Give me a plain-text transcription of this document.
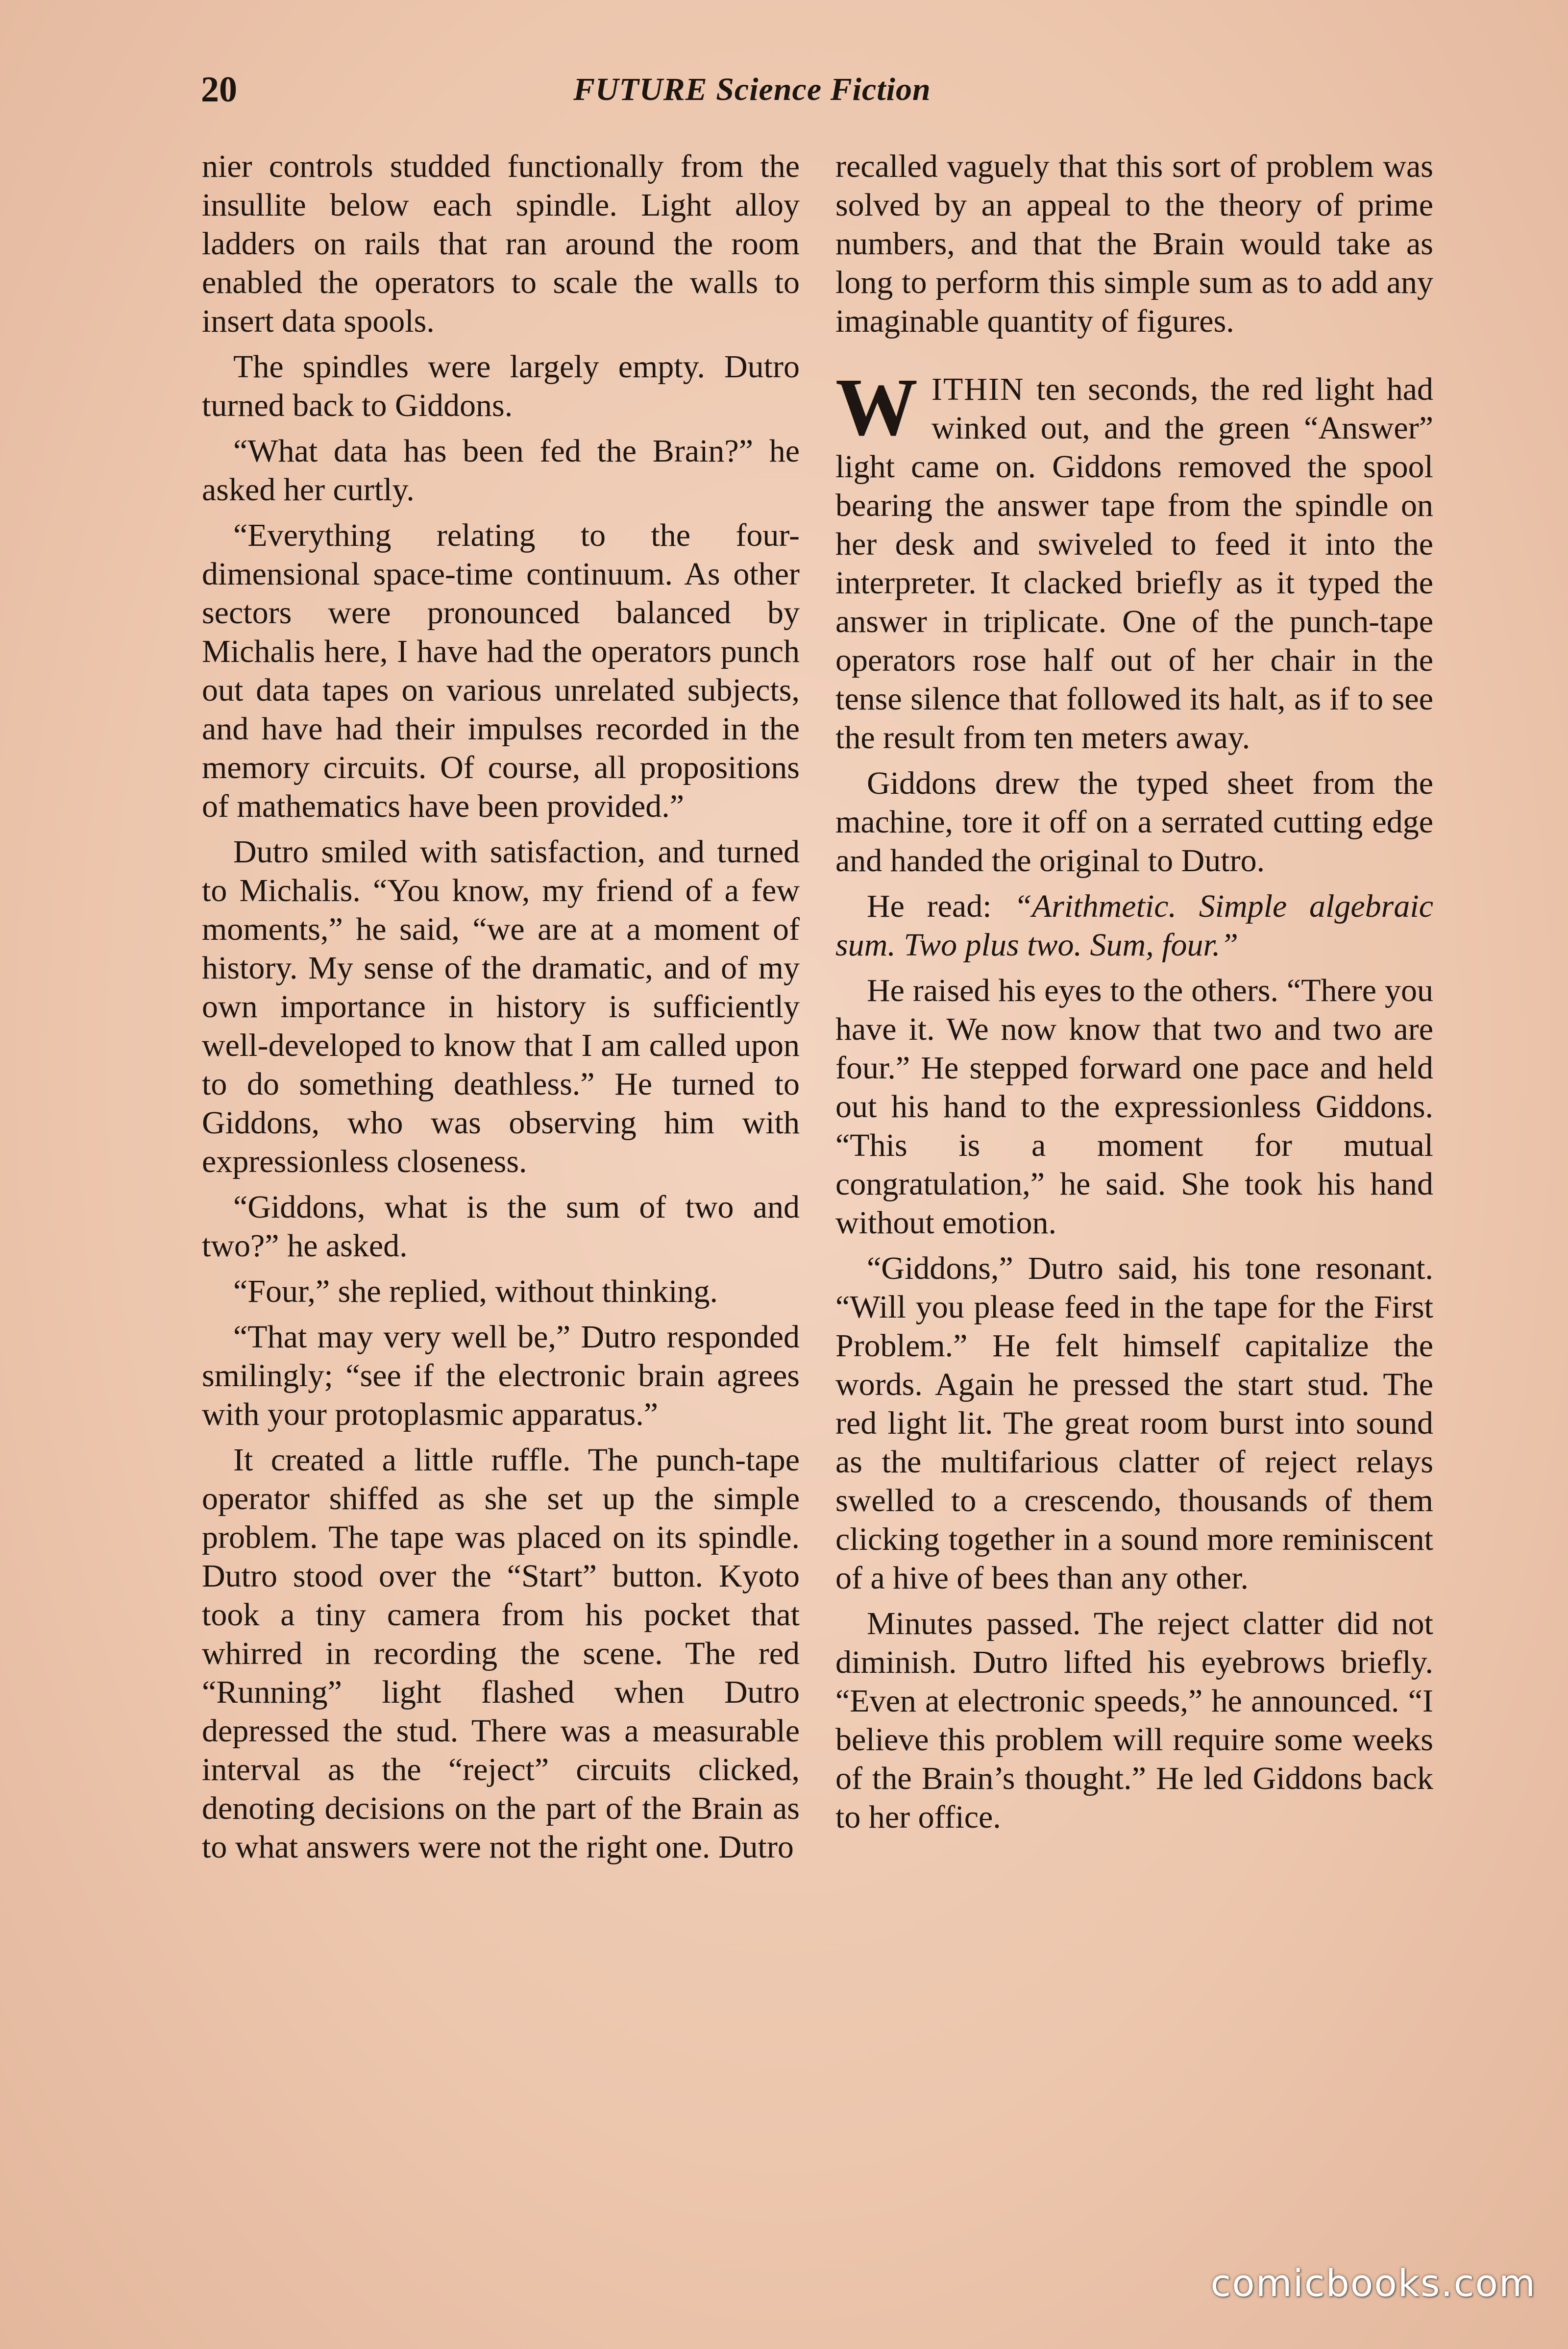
20	FUTURE Science Fiction

nier controls studded functionally from the insullite below each spindle. Light alloy ladders on rails that ran around the room enabled the operators to scale the walls to insert data spools.

The spindles were largely empty. Dutro turned back to Giddons.

“What data has been fed the Brain?” he asked her curtly.

“Everything relating to the four-dimensional space-time continuum. As other sectors were pronounced balanced by Michalis here, I have had the operators punch out data tapes on various unrelated subjects, and have had their impulses recorded in the memory circuits. Of course, all propositions of mathematics have been provided.”

Dutro smiled with satisfaction, and turned to Michalis. “You know, my friend of a few moments,” he said, “we are at a moment of history. My sense of the dramatic, and of my own importance in history is sufficiently well-developed to know that I am called upon to do something deathless.” He turned to Giddons, who was observing him with expressionless closeness.

“Giddons, what is the sum of two and two?” he asked.

“Four,” she replied, without thinking.

“That may very well be,” Dutro responded smilingly; “see if the electronic brain agrees with your protoplasmic apparatus.”

It created a little ruffle. The punch-tape operator shiffed as she set up the simple problem. The tape was placed on its spindle. Dutro stood over the “Start” button. Kyoto took a tiny camera from his pocket that whirred in recording the scene. The red “Running” light flashed when Dutro depressed the stud. There was a measurable interval as the “reject” circuits clicked, denoting decisions on the part of the Brain as to what answers were not the right one. Dutro

recalled vaguely that this sort of problem was solved by an appeal to the theory of prime numbers, and that the Brain would take as long to perform this simple sum as to add any imaginable quantity of figures.

WITHIN ten seconds, the red light had winked out, and the green “Answer” light came on. Giddons removed the spool bearing the answer tape from the spindle on her desk and swiveled to feed it into the interpreter. It clacked briefly as it typed the answer in triplicate. One of the punch-tape operators rose half out of her chair in the tense silence that followed its halt, as if to see the result from ten meters away.

Giddons drew the typed sheet from the machine, tore it off on a serrated cutting edge and handed the original to Dutro.

He read: “Arithmetic. Simple algebraic sum. Two plus two. Sum, four.”

He raised his eyes to the others. “There you have it. We now know that two and two are four.” He stepped forward one pace and held out his hand to the expressionless Giddons. “This is a moment for mutual congratulation,” he said. She took his hand without emotion.

“Giddons,” Dutro said, his tone resonant. “Will you please feed in the tape for the First Problem.” He felt himself capitalize the words. Again he pressed the start stud. The red light lit. The great room burst into sound as the multifarious clatter of reject relays swelled to a crescendo, thousands of them clicking together in a sound more reminiscent of a hive of bees than any other.

Minutes passed. The reject clatter did not diminish. Dutro lifted his eyebrows briefly. “Even at electronic speeds,” he announced. “I believe this problem will require some weeks of the Brain’s thought.” He led Giddons back to her office.

comicbooks.com
